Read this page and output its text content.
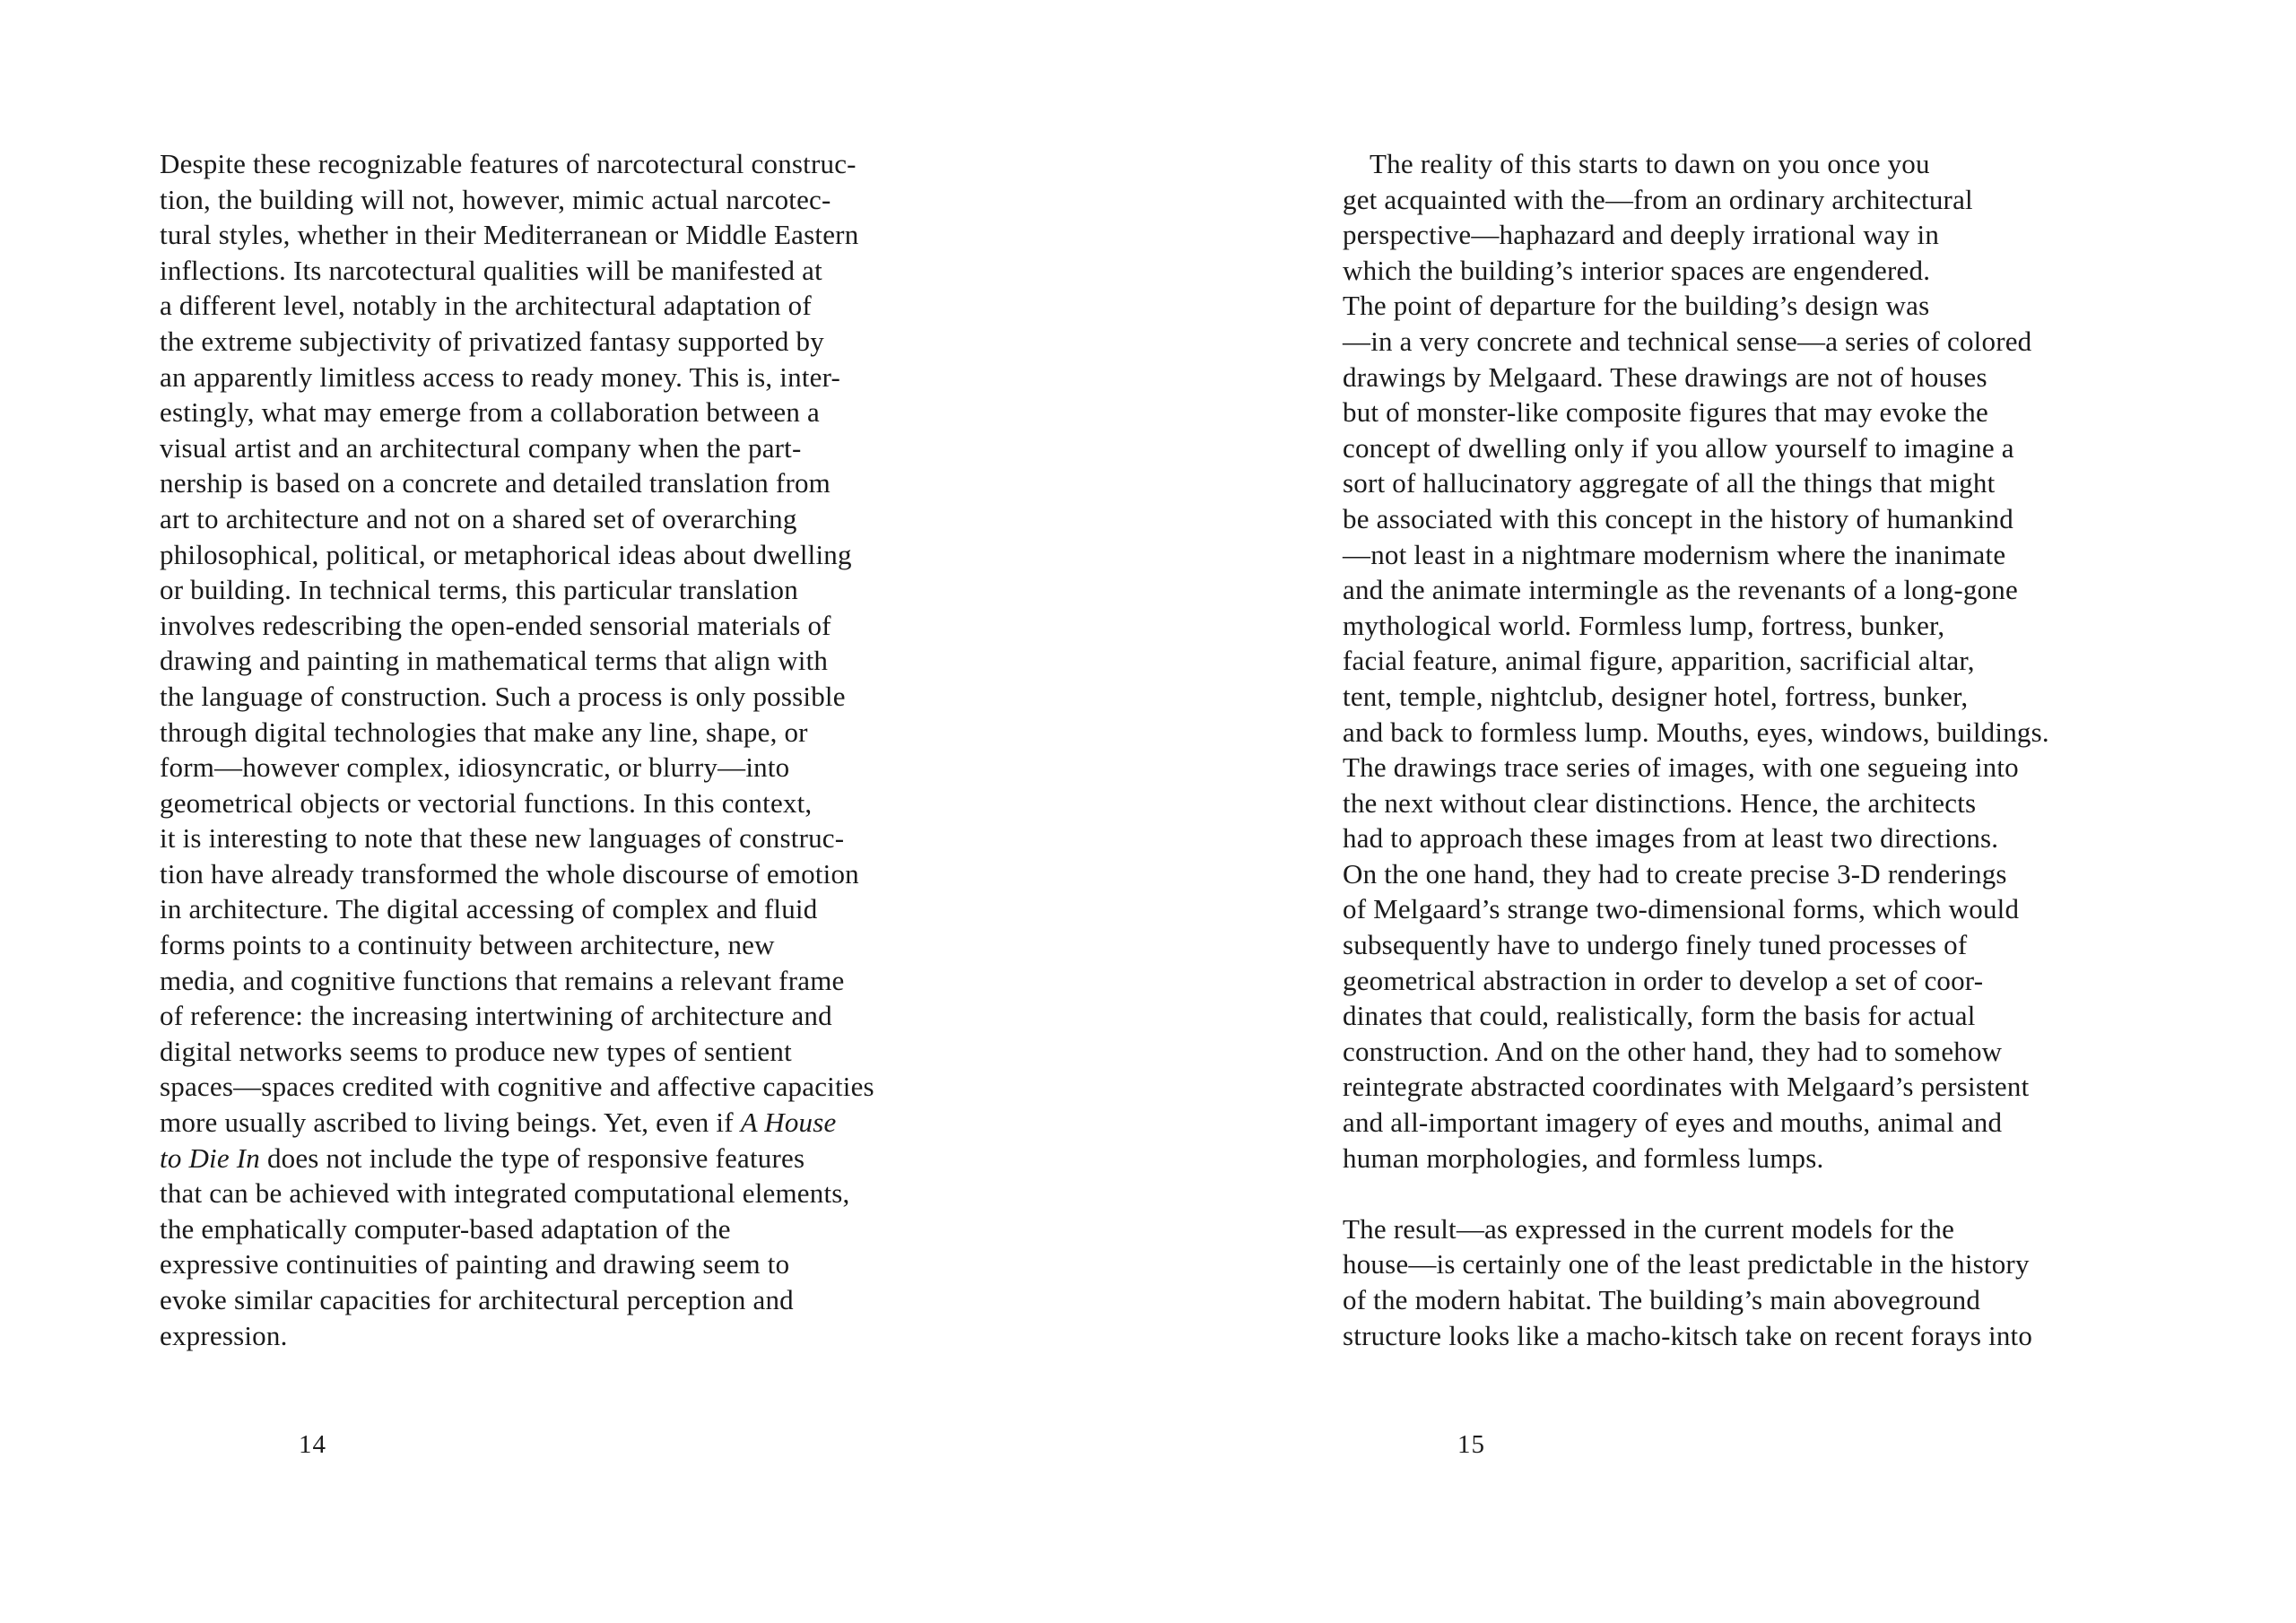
Despite these recognizable features of narcotectural construc-
tion, the building will not, however, mimic actual narcotec-
tural styles, whether in their Mediterranean or Middle Eastern
inflections. Its narcotectural qualities will be manifested at
a different level, notably in the architectural adaptation of
the extreme subjectivity of privatized fantasy supported by
an apparently limitless access to ready money. This is, inter-
estingly, what may emerge from a collaboration between a
visual artist and an architectural company when the part-
nership is based on a concrete and detailed translation from
art to architecture and not on a shared set of overarching
philosophical, political, or metaphorical ideas about dwelling
or building. In technical terms, this particular translation
involves redescribing the open-ended sensorial materials of
drawing and painting in mathematical terms that align with
the language of construction. Such a process is only possible
through digital technologies that make any line, shape, or
form—however complex, idiosyncratic, or blurry—into
geometrical objects or vectorial functions. In this context,
it is interesting to note that these new languages of construc-
tion have already transformed the whole discourse of emotion
in architecture. The digital accessing of complex and fluid
forms points to a continuity between architecture, new
media, and cognitive functions that remains a relevant frame
of reference: the increasing intertwining of architecture and
digital networks seems to produce new types of sentient
spaces—spaces credited with cognitive and affective capacities
more usually ascribed to living beings. Yet, even if A House
to Die In does not include the type of responsive features
that can be achieved with integrated computational elements,
the emphatically computer-based adaptation of the
expressive continuities of painting and drawing seem to
evoke similar capacities for architectural perception and
expression.
The reality of this starts to dawn on you once you
get acquainted with the—from an ordinary architectural
perspective—haphazard and deeply irrational way in
which the building’s interior spaces are engendered.
The point of departure for the building’s design was
—in a very concrete and technical sense—a series of colored
drawings by Melgaard. These drawings are not of houses
but of monster-like composite figures that may evoke the
concept of dwelling only if you allow yourself to imagine a
sort of hallucinatory aggregate of all the things that might
be associated with this concept in the history of humankind
—not least in a nightmare modernism where the inanimate
and the animate intermingle as the revenants of a long-gone
mythological world. Formless lump, fortress, bunker,
facial feature, animal figure, apparition, sacrificial altar,
tent, temple, nightclub, designer hotel, fortress, bunker,
and back to formless lump. Mouths, eyes, windows, buildings.
The drawings trace series of images, with one segueing into
the next without clear distinctions. Hence, the architects
had to approach these images from at least two directions.
On the one hand, they had to create precise 3-D renderings
of Melgaard’s strange two-dimensional forms, which would
subsequently have to undergo finely tuned processes of
geometrical abstraction in order to develop a set of coor-
dinates that could, realistically, form the basis for actual
construction. And on the other hand, they had to somehow
reintegrate abstracted coordinates with Melgaard’s persistent
and all-important imagery of eyes and mouths, animal and
human morphologies, and formless lumps.
The result—as expressed in the current models for the
house—is certainly one of the least predictable in the history
of the modern habitat. The building’s main aboveground
structure looks like a macho-kitsch take on recent forays into
14	15
